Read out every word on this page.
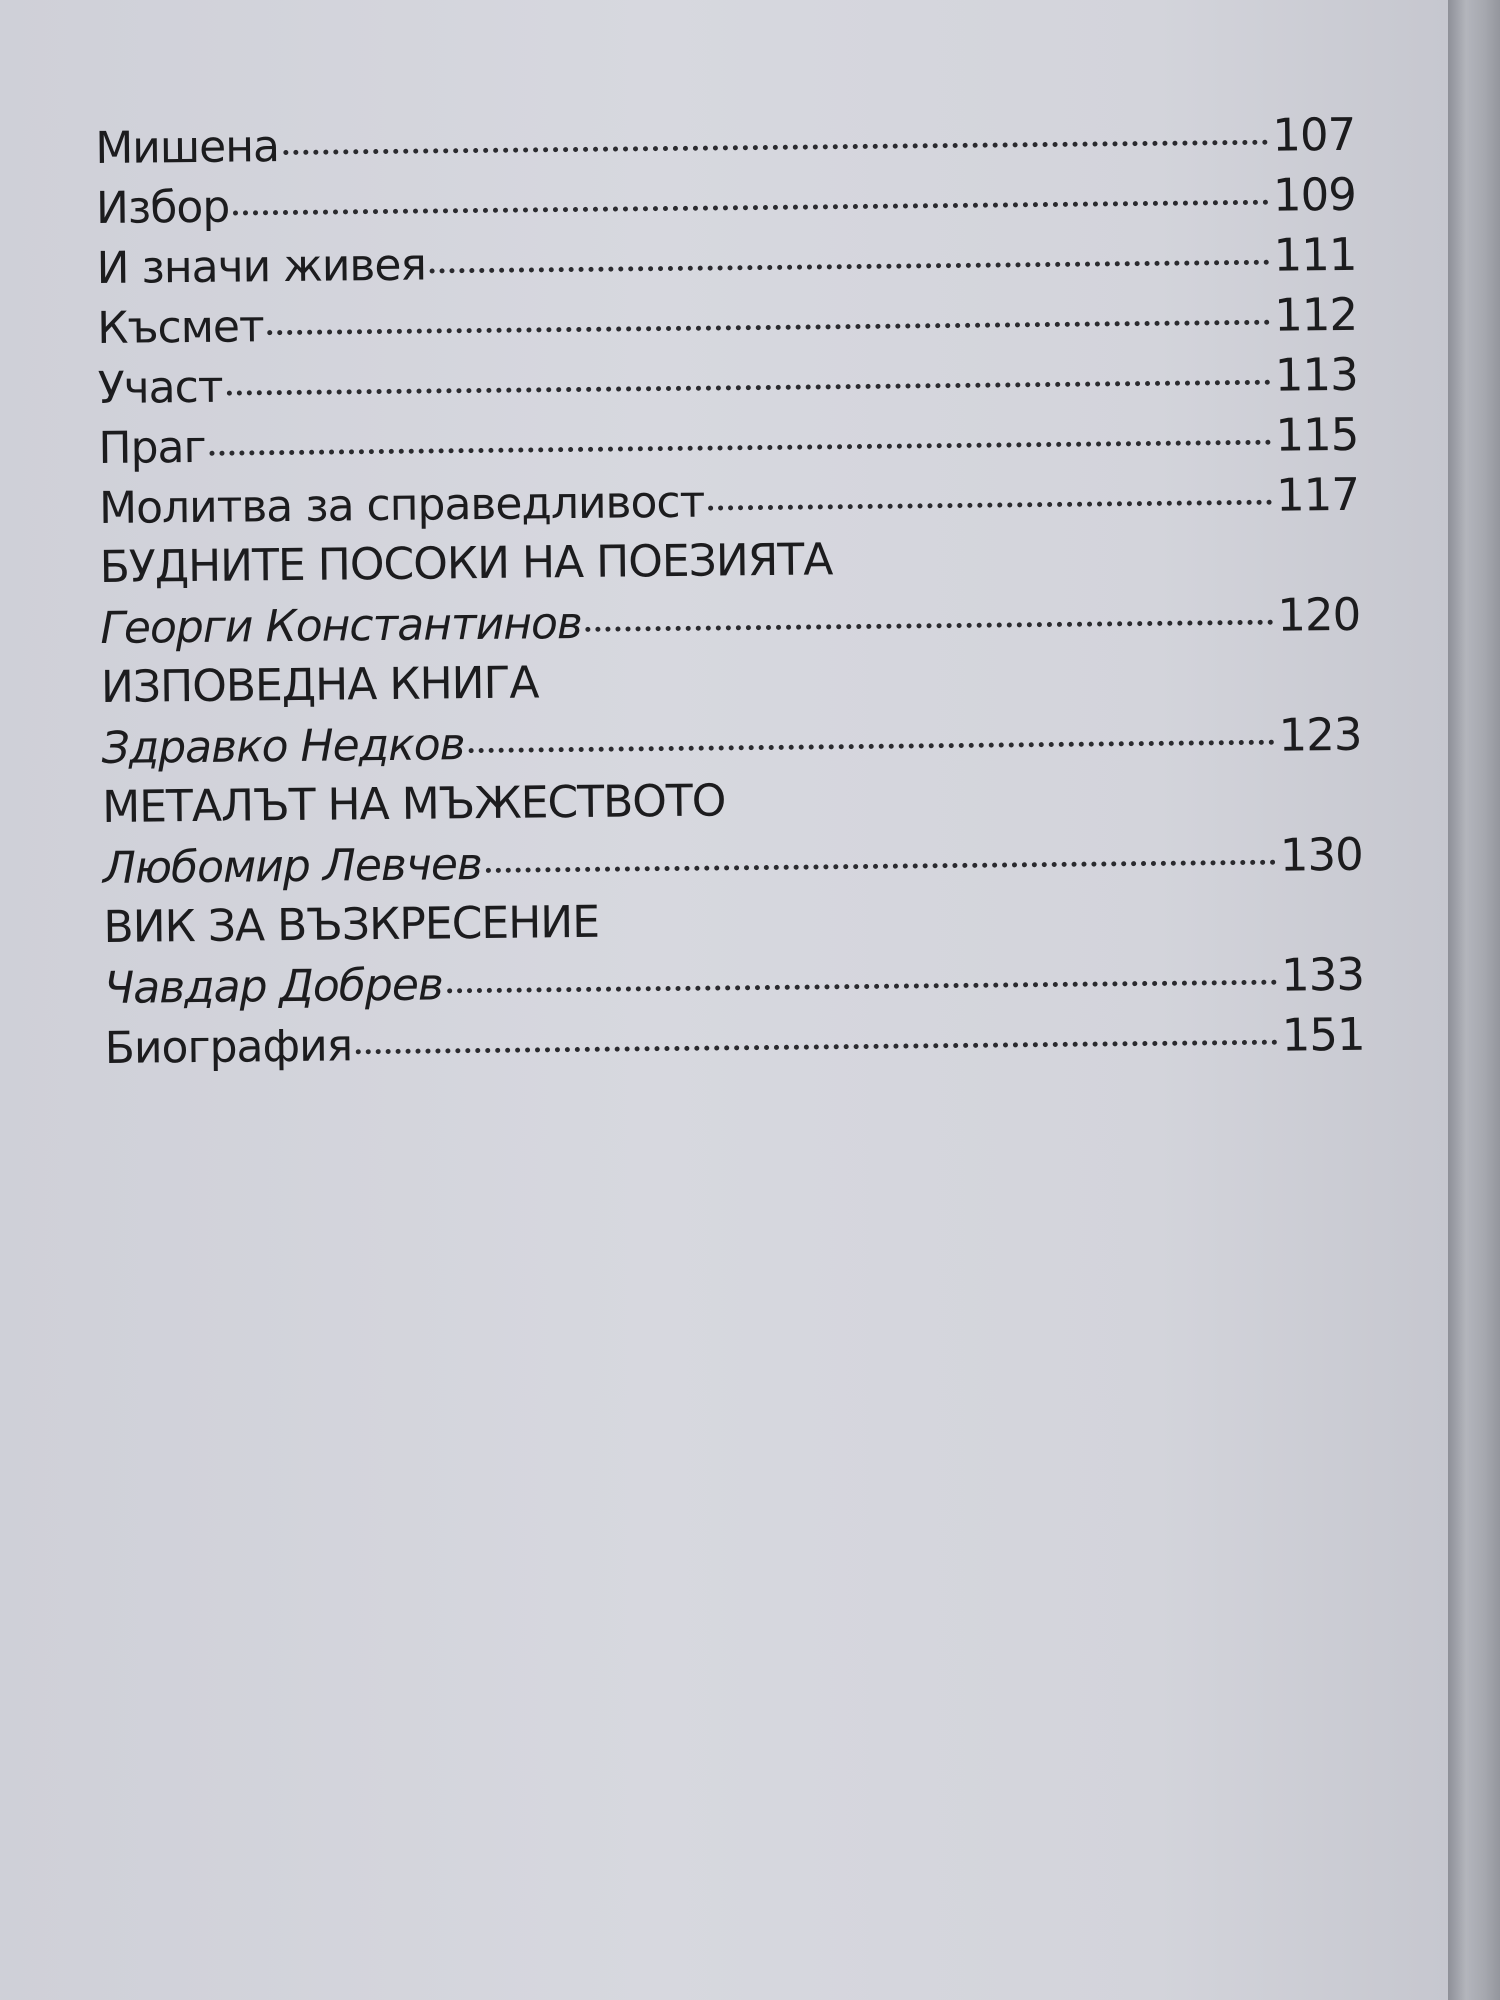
Мишена	107
Избор	109
И значи живея	111
Късмет	112
Участ	113
Праг	115
Молитва за справедливост	117
БУДНИТЕ ПОСОКИ НА ПОЕЗИЯТА
Георги Константинов	120
ИЗПОВЕДНА КНИГА
Здравко Недков	123
МЕТАЛЪТ НА МЪЖЕСТВОТО
Любомир Левчев	130
ВИК ЗА ВЪЗКРЕСЕНИЕ
Чавдар Добрев	133
Биография	151
